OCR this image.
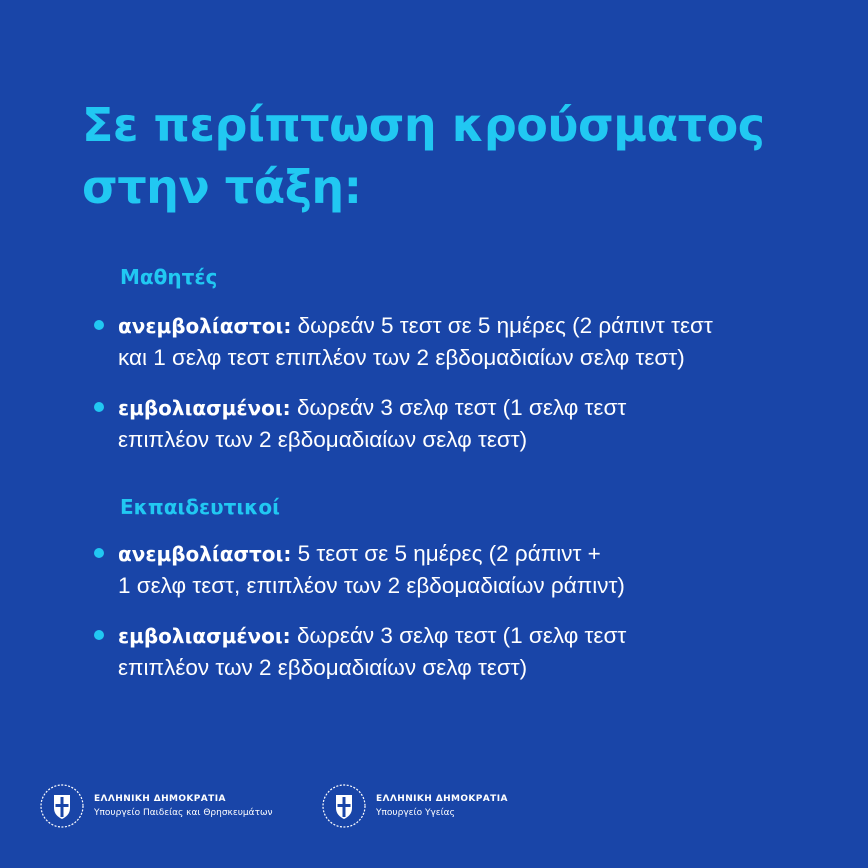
Σε περίπτωση κρούσματος
στην τάξη:
Μαθητές
ανεμβολίαστοι: δωρεάν 5 τεστ σε 5 ημέρες (2 ράπιντ τεστ
και 1 σελφ τεστ επιπλέον των 2 εβδομαδιαίων σελφ τεστ)
εμβολιασμένοι: δωρεάν 3 σελφ τεστ (1 σελφ τεστ
επιπλέον των 2 εβδομαδιαίων σελφ τεστ)
Εκπαιδευτικοί
ανεμβολίαστοι: 5 τεστ σε 5 ημέρες (2 ράπιντ +
1 σελφ τεστ, επιπλέον των 2 εβδομαδιαίων ράπιντ)
εμβολιασμένοι: δωρεάν 3 σελφ τεστ (1 σελφ τεστ
επιπλέον των 2 εβδομαδιαίων σελφ τεστ)
ΕΛΛΗΝΙΚΗ ΔΗΜΟΚΡΑΤΙΑ
Υπουργείο Παιδείας και Θρησκευμάτων
ΕΛΛΗΝΙΚΗ ΔΗΜΟΚΡΑΤΙΑ
Υπουργείο Υγείας
